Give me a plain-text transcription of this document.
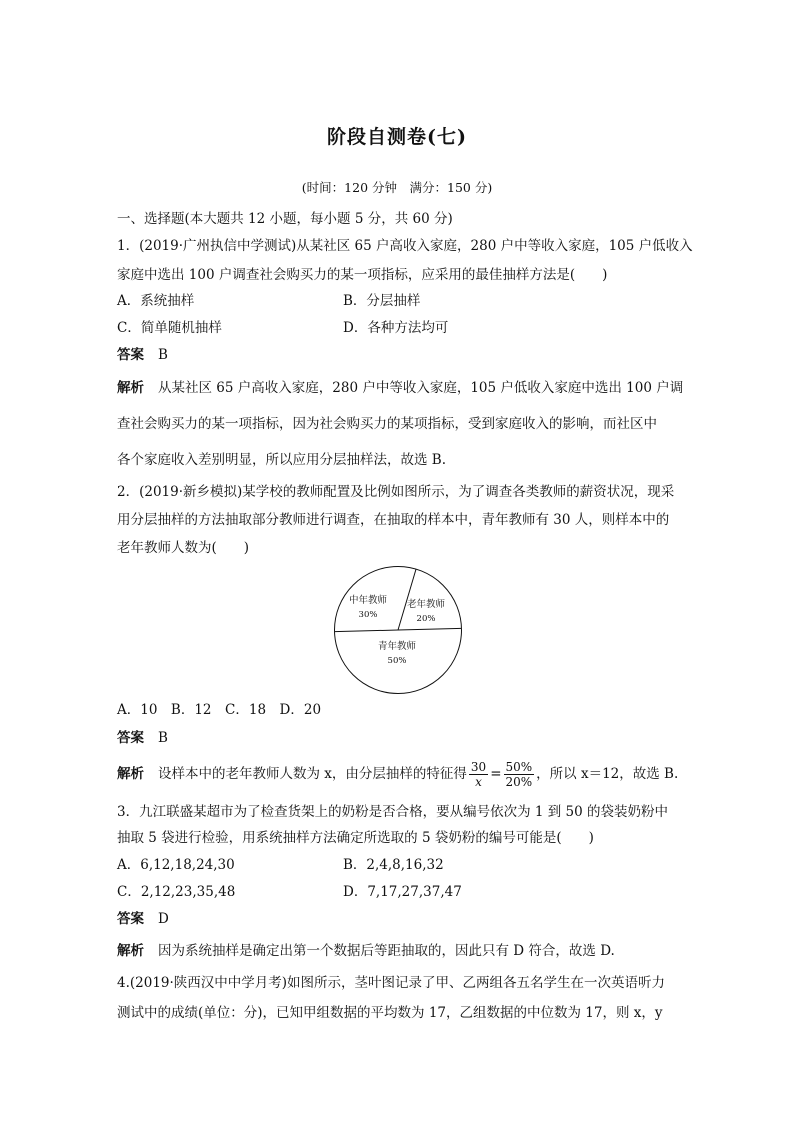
阶段自测卷(七)
(时间：120 分钟　满分：150 分)
一、选择题(本大题共 12 小题，每小题 5 分，共 60 分)
1．(2019·广州执信中学测试)从某社区 65 户高收入家庭，280 户中等收入家庭，105 户低收入
家庭中选出 100 户调查社会购买力的某一项指标，应采用的最佳抽样方法是(　　)
A．系统抽样	B．分层抽样
C．简单随机抽样	D．各种方法均可
答案 B
解析 从某社区 65 户高收入家庭，280 户中等收入家庭，105 户低收入家庭中选出 100 户调
查社会购买力的某一项指标，因为社会购买力的某项指标，受到家庭收入的影响，而社区中
各个家庭收入差别明显，所以应用分层抽样法，故选 B.
2．(2019·新乡模拟)某学校的教师配置及比例如图所示，为了调查各类教师的薪资状况，现采
用分层抽样的方法抽取部分教师进行调查，在抽取的样本中，青年教师有 30 人，则样本中的
老年教师人数为(　　)
中年教师
30%
老年教师
20%
青年教师
50%
A．10　B．12　C．18　D．20
答案 B
解析 设样本中的老年教师人数为 x，由分层抽样的特征得 $\frac{30}{x} = \frac{50\%}{20\%}$ ，所以 x＝12，故选 B.
3．九江联盛某超市为了检查货架上的奶粉是否合格，要从编号依次为 1 到 50 的袋装奶粉中
抽取 5 袋进行检验，用系统抽样方法确定所选取的 5 袋奶粉的编号可能是(　　)
A．6,12,18,24,30	B．2,4,8,16,32
C．2,12,23,35,48	D．7,17,27,37,47
答案 D
解析 因为系统抽样是确定出第一个数据后等距抽取的，因此只有 D 符合，故选 D.
4.(2019·陕西汉中中学月考)如图所示，茎叶图记录了甲、乙两组各五名学生在一次英语听力
测试中的成绩(单位：分)，已知甲组数据的平均数为 17，乙组数据的中位数为 17，则 x，y
